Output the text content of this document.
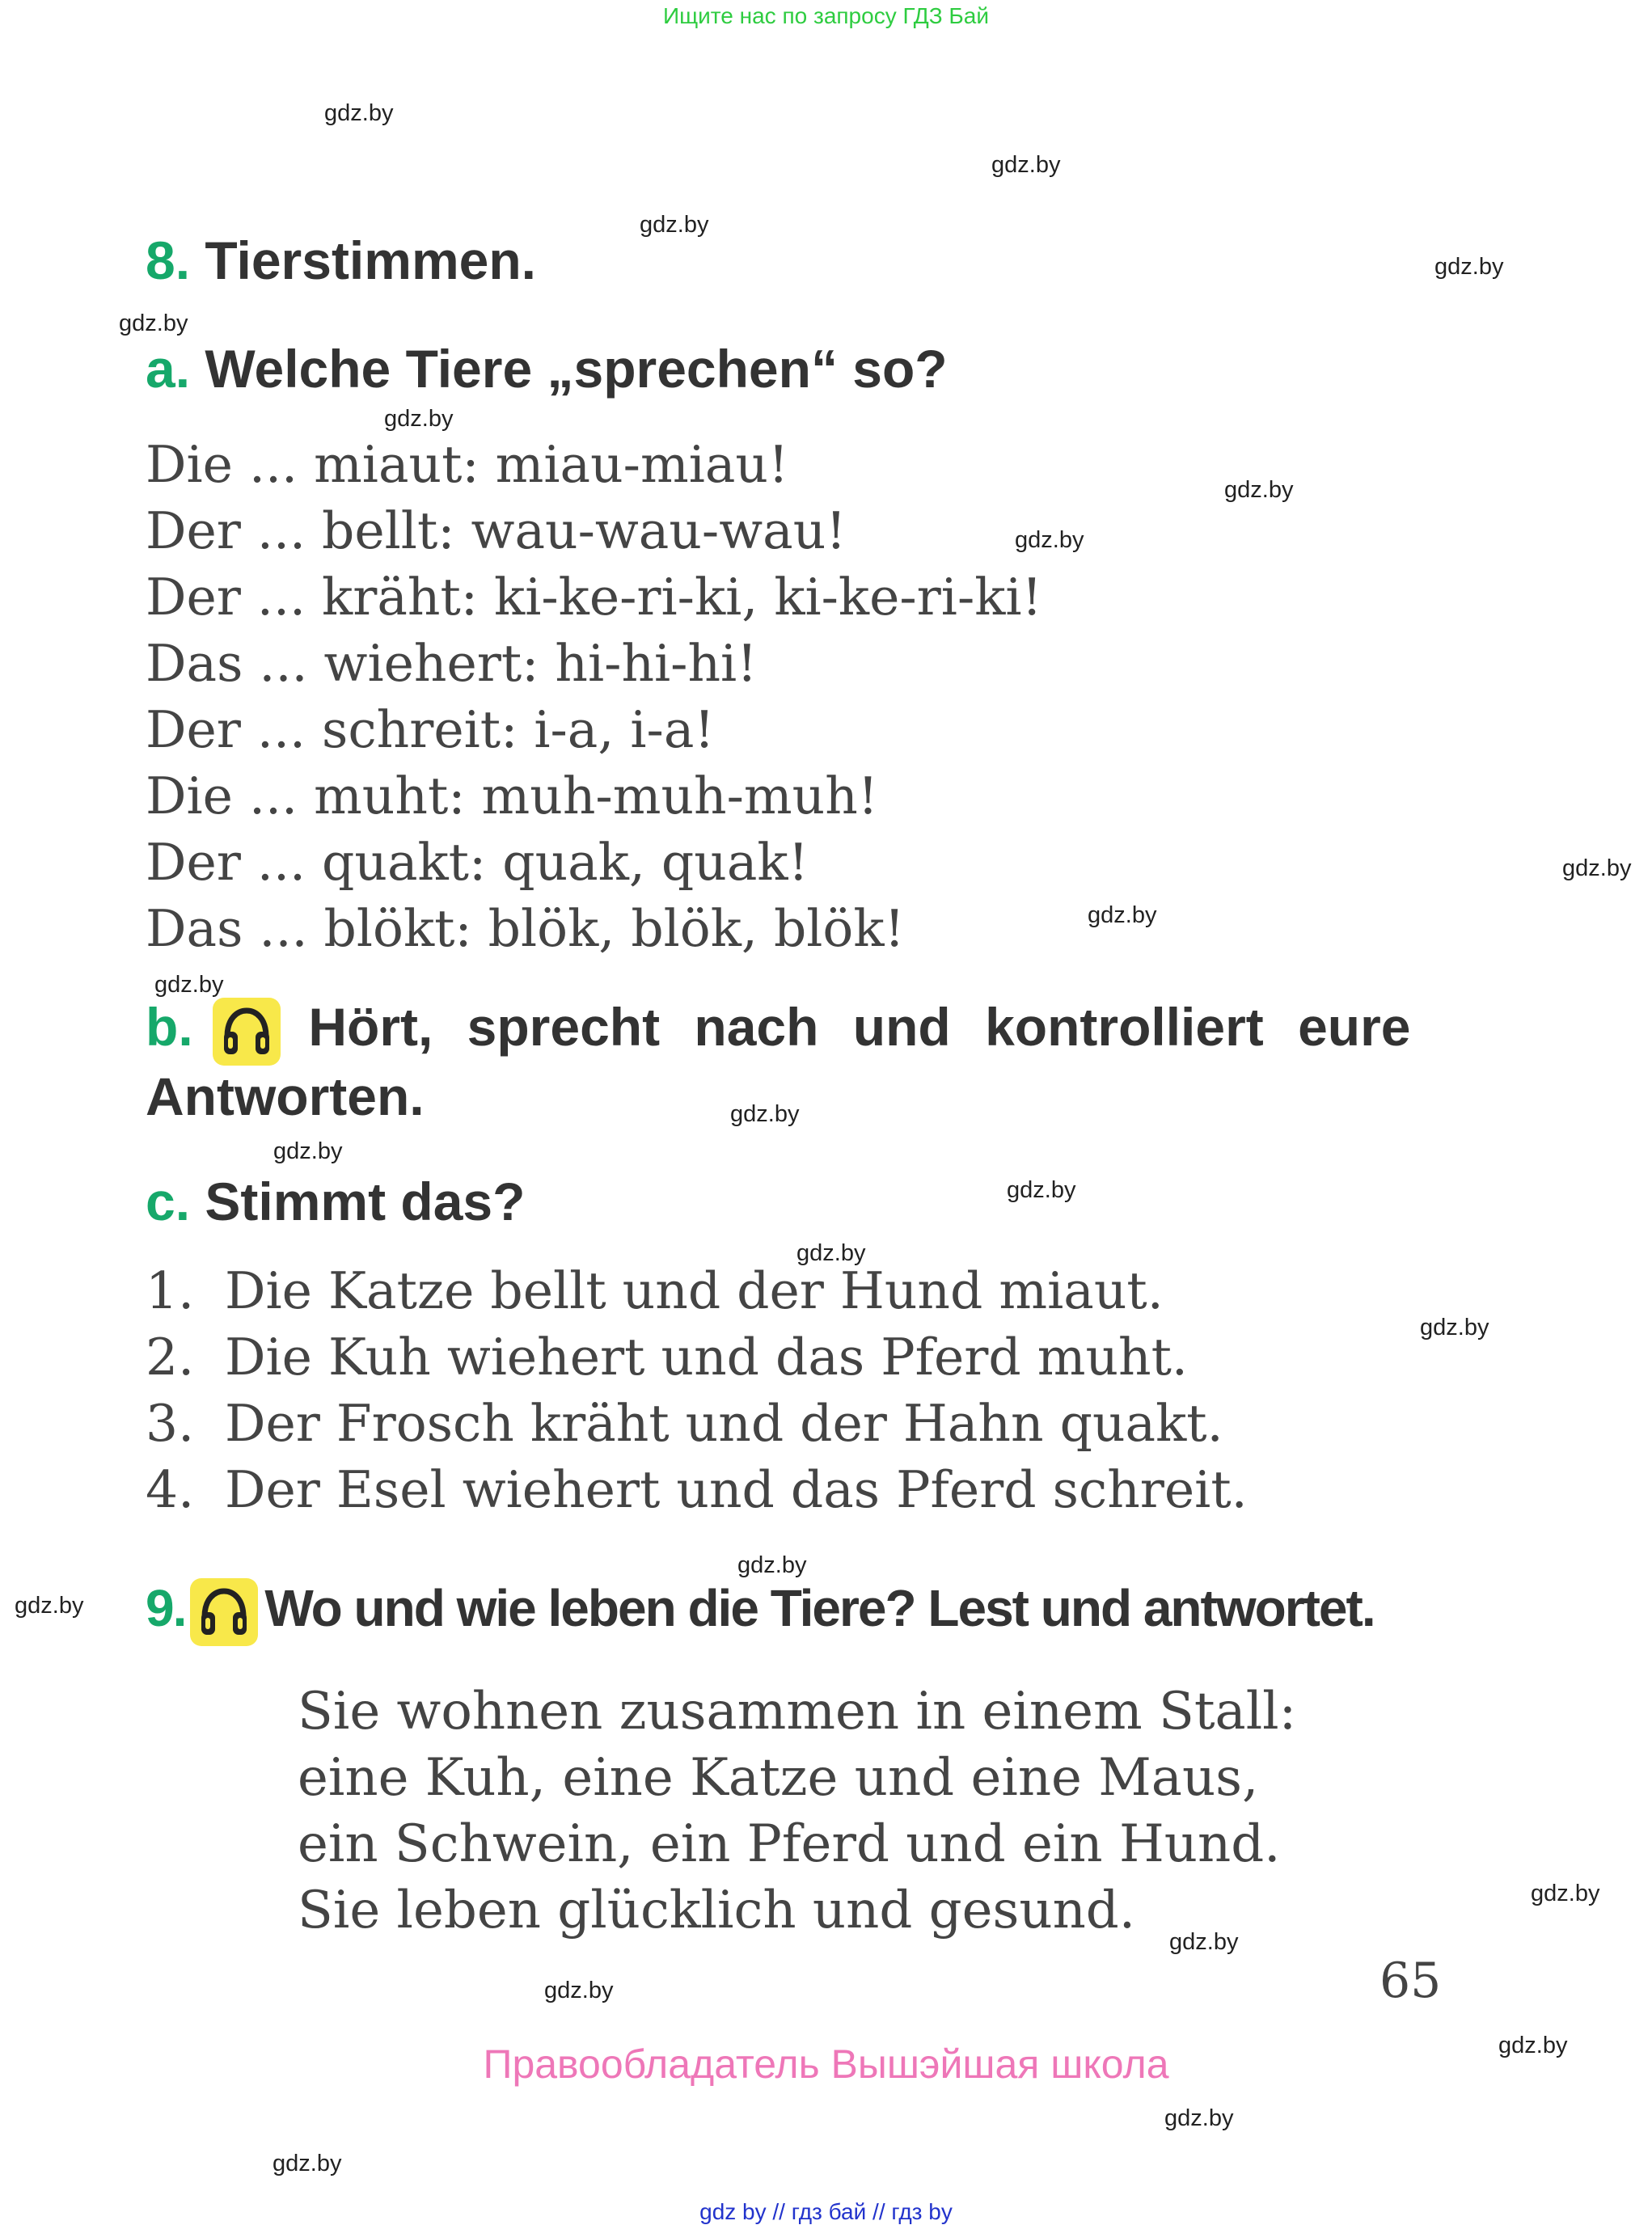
Ищите нас по запросу ГДЗ Бай
gdz.by
gdz.by
gdz.by
gdz.by
gdz.by
gdz.by
gdz.by
gdz.by
gdz.by
gdz.by
gdz.by
gdz.by
gdz.by
gdz.by
gdz.by
gdz.by
gdz.by
gdz.by
gdz.by
gdz.by
gdz.by
gdz.by
gdz.by
gdz.by
8. Tierstimmen.
a. Welche Tiere „sprechen“ so?
Die ... miaut: miau-miau!
Der ... bellt: wau-wau-wau!
Der ... kräht: ki-ke-ri-ki, ki-ke-ri-ki!
Das ... wiehert: hi-hi-hi!
Der ... schreit: i-a, i-a!
Die ... muht: muh-muh-muh!
Der ... quakt: quak, quak!
Das ... blökt: blök, blök, blök!
b. Hört, sprecht nach und kontrolliert eure
Antworten.
c. Stimmt das?
1. Die Katze bellt und der Hund miaut.
2. Die Kuh wiehert und das Pferd muht.
3. Der Frosch kräht und der Hahn quakt.
4. Der Esel wiehert und das Pferd schreit.
9. Wo und wie leben die Tiere? Lest und antwortet.
Sie wohnen zusammen in einem Stall:
eine Kuh, eine Katze und eine Maus,
ein Schwein, ein Pferd und ein Hund.
Sie leben glücklich und gesund.
65
Правообладатель Вышэйшая школа
gdz by // гдз бай // гдз by
